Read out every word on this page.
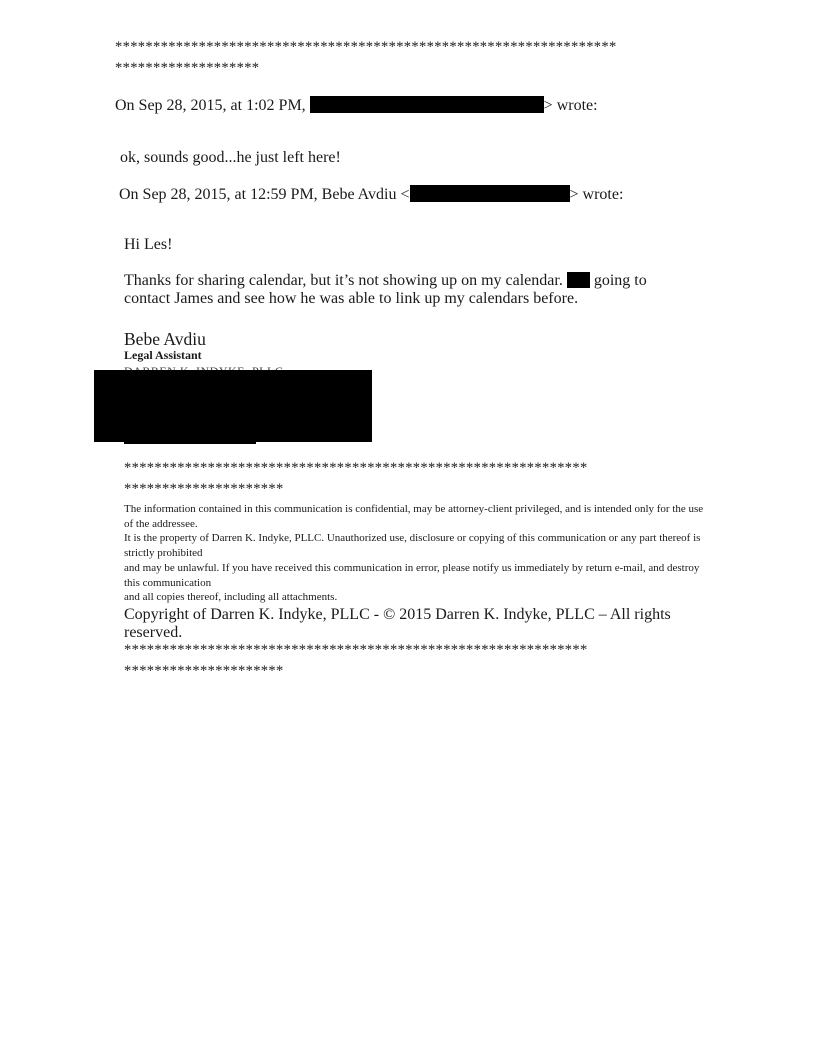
******************************************************************
*******************
On Sep 28, 2015, at 1:02 PM,	> wrote:
ok, sounds good...he just left here!
On Sep 28, 2015, at 12:59 PM, Bebe Avdiu <	> wrote:
Hi Les!
Thanks for sharing calendar, but it’s not showing up on my calendar. going to
contact James and see how he was able to link up my calendars before.
Bebe Avdiu
Legal Assistant
*************************************************************
*********************
The information contained in this communication is confidential, may be attorney-client privileged, and is intended only for the use of the addressee.
It is the property of Darren K. Indyke, PLLC. Unauthorized use, disclosure or copying of this communication or any part thereof is strictly prohibited
and may be unlawful. If you have received this communication in error, please notify us immediately by return e-mail, and destroy this communication
and all copies thereof, including all attachments.
Copyright of Darren K. Indyke, PLLC - © 2015 Darren K. Indyke, PLLC – All rights reserved.
*************************************************************
*********************
